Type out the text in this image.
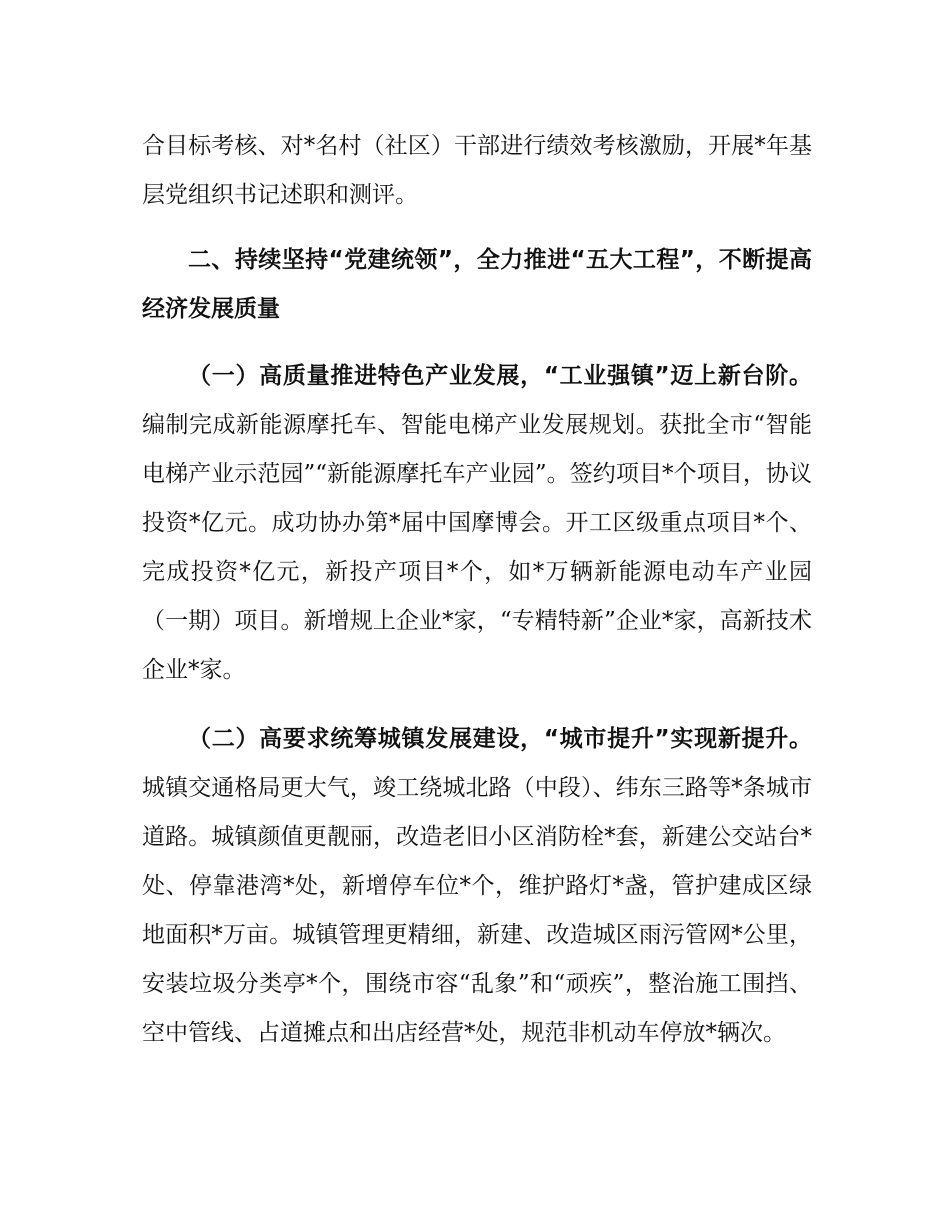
合目标考核、对*名村（社区）干部进行绩效考核激励，开展*年基层党组织书记述职和测评。

二、持续坚持“党建统领”，全力推进“五大工程”，不断提高经济发展质量

（一）高质量推进特色产业发展，“工业强镇”迈上新台阶。编制完成新能源摩托车、智能电梯产业发展规划。获批全市“智能电梯产业示范园”“新能源摩托车产业园”。签约项目*个项目，协议投资*亿元。成功协办第*届中国摩博会。开工区级重点项目*个、完成投资*亿元，新投产项目*个，如*万辆新能源电动车产业园（一期）项目。新增规上企业*家，“专精特新”企业*家，高新技术企业*家。

（二）高要求统筹城镇发展建设，“城市提升”实现新提升。城镇交通格局更大气，竣工绕城北路（中段）、纬东三路等*条城市道路。城镇颜值更靓丽，改造老旧小区消防栓*套，新建公交站台*处、停靠港湾*处，新增停车位*个，维护路灯*盏，管护建成区绿地面积*万亩。城镇管理更精细，新建、改造城区雨污管网*公里，安装垃圾分类亭*个，围绕市容“乱象”和“顽疾”，整治施工围挡、空中管线、占道摊点和出店经营*处，规范非机动车停放*辆次。
